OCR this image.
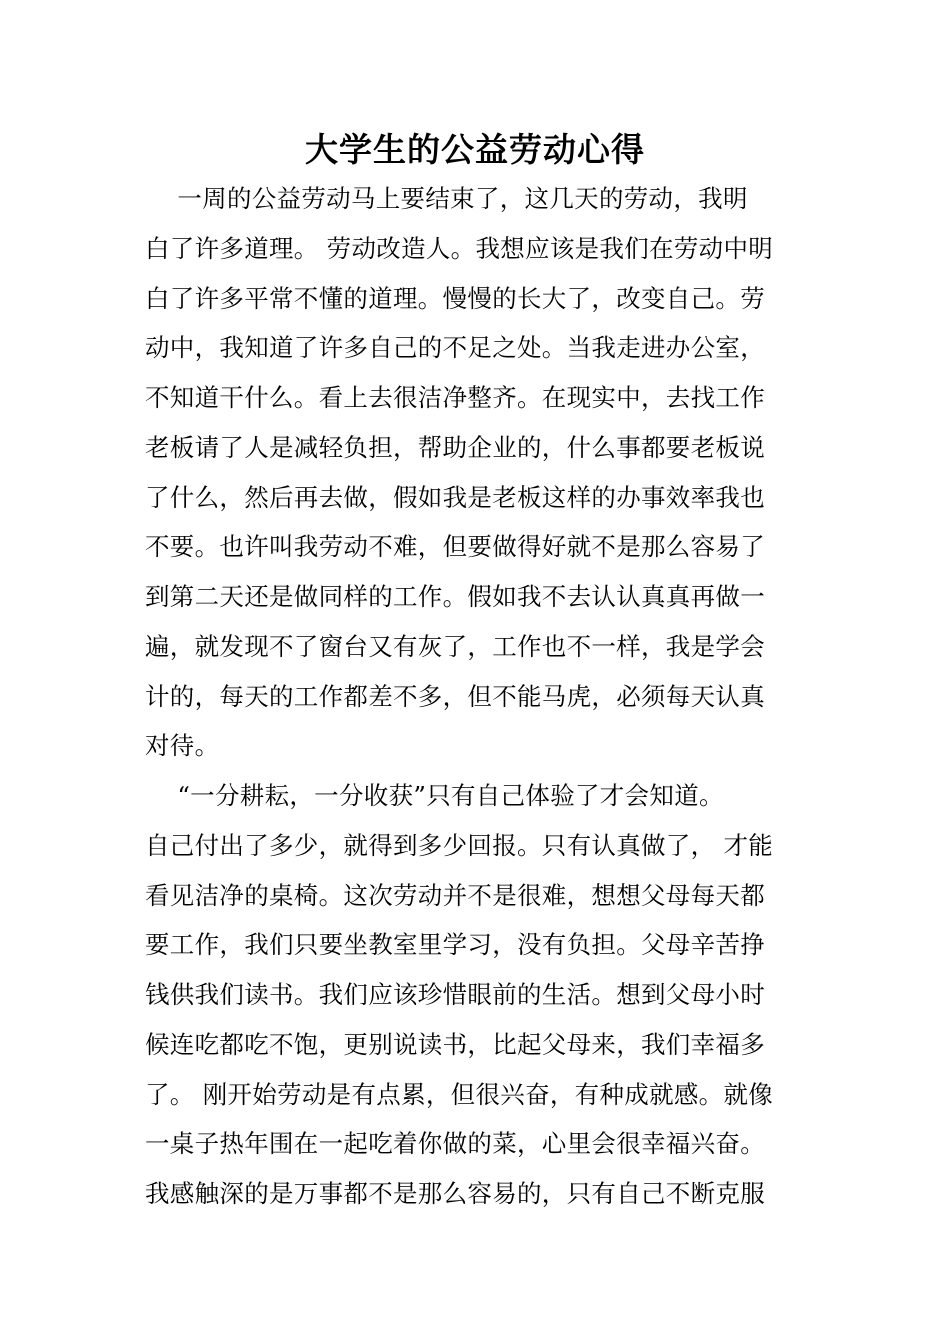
大学生的公益劳动心得
一周的公益劳动马上要结束了，这几天的劳动，我明
白了许多道理。 劳动改造人。我想应该是我们在劳动中明
白了许多平常不懂的道理。慢慢的长大了，改变自己。劳
动中，我知道了许多自己的不足之处。当我走进办公室，
不知道干什么。看上去很洁净整齐。在现实中，去找工作
老板请了人是减轻负担，帮助企业的，什么事都要老板说
了什么，然后再去做，假如我是老板这样的办事效率我也
不要。也许叫我劳动不难，但要做得好就不是那么容易了
到第二天还是做同样的工作。假如我不去认认真真再做一
遍，就发现不了窗台又有灰了，工作也不一样，我是学会
计的，每天的工作都差不多，但不能马虎，必须每天认真
对待。
“一分耕耘，一分收获”只有自己体验了才会知道。
自己付出了多少，就得到多少回报。只有认真做了， 才能
看见洁净的桌椅。这次劳动并不是很难，想想父母每天都
要工作，我们只要坐教室里学习，没有负担。父母辛苦挣
钱供我们读书。我们应该珍惜眼前的生活。想到父母小时
候连吃都吃不饱，更别说读书，比起父母来，我们幸福多
了。 刚开始劳动是有点累，但很兴奋，有种成就感。就像
一桌子热年围在一起吃着你做的菜，心里会很幸福兴奋。
我感触深的是万事都不是那么容易的，只有自己不断克服
